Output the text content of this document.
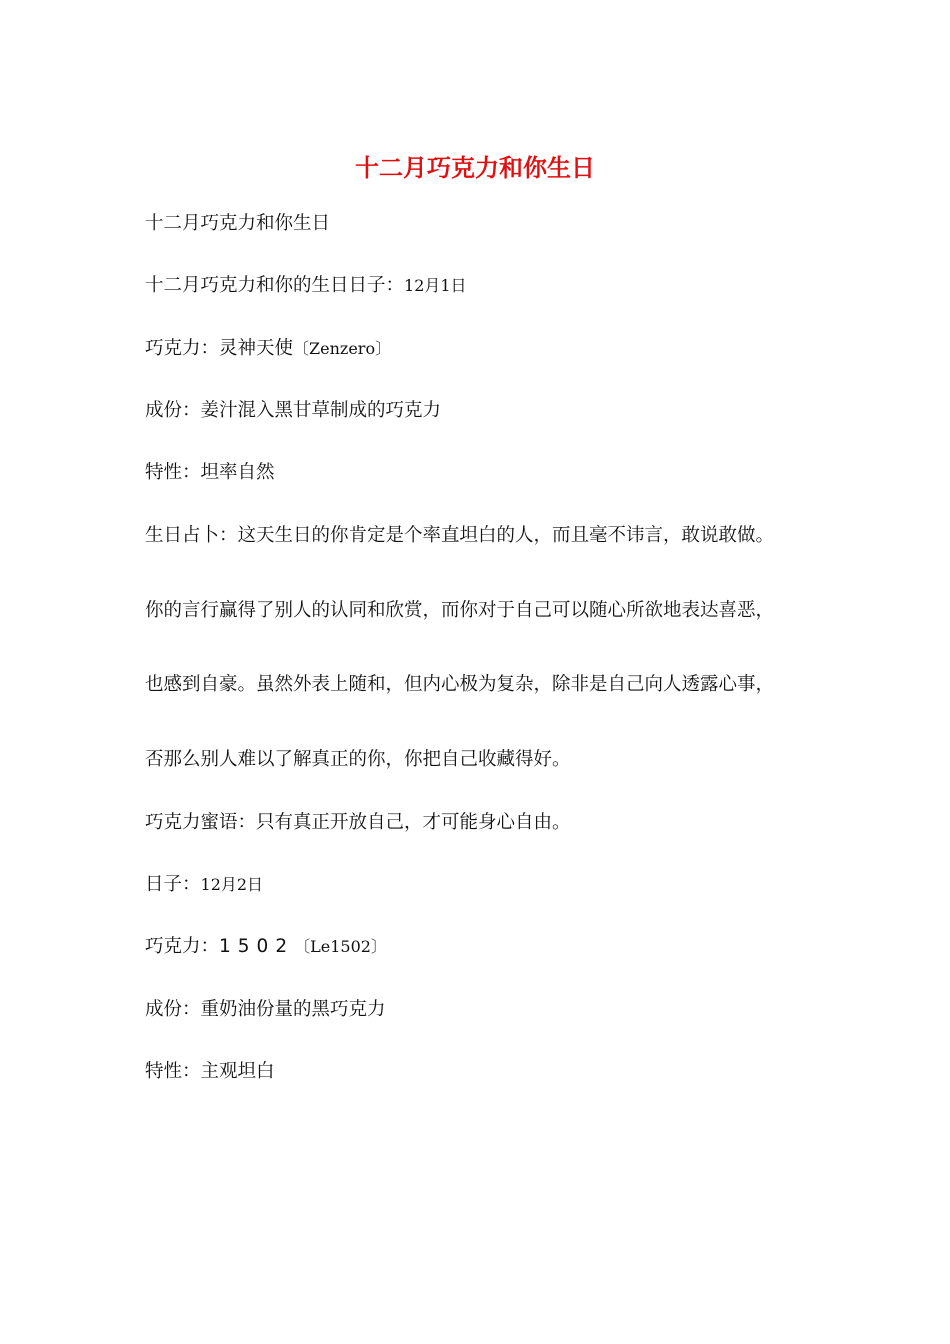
十二月巧克力和你生日

十二月巧克力和你生日

十二月巧克力和你的生日日子：12月1日

巧克力：灵神天使〔Zenzero〕

成份：姜汁混入黑甘草制成的巧克力

特性：坦率自然

生日占卜：这天生日的你肯定是个率直坦白的人，而且毫不讳言，敢说敢做。

你的言行赢得了别人的认同和欣赏，而你对于自己可以随心所欲地表达喜恶，

也感到自豪。虽然外表上随和，但内心极为复杂，除非是自己向人透露心事，

否那么别人难以了解真正的你，你把自己收藏得好。

巧克力蜜语：只有真正开放自己，才可能身心自由。

日子：12月2日

巧克力：1502〔Le1502〕

成份：重奶油份量的黑巧克力

特性：主观坦白
